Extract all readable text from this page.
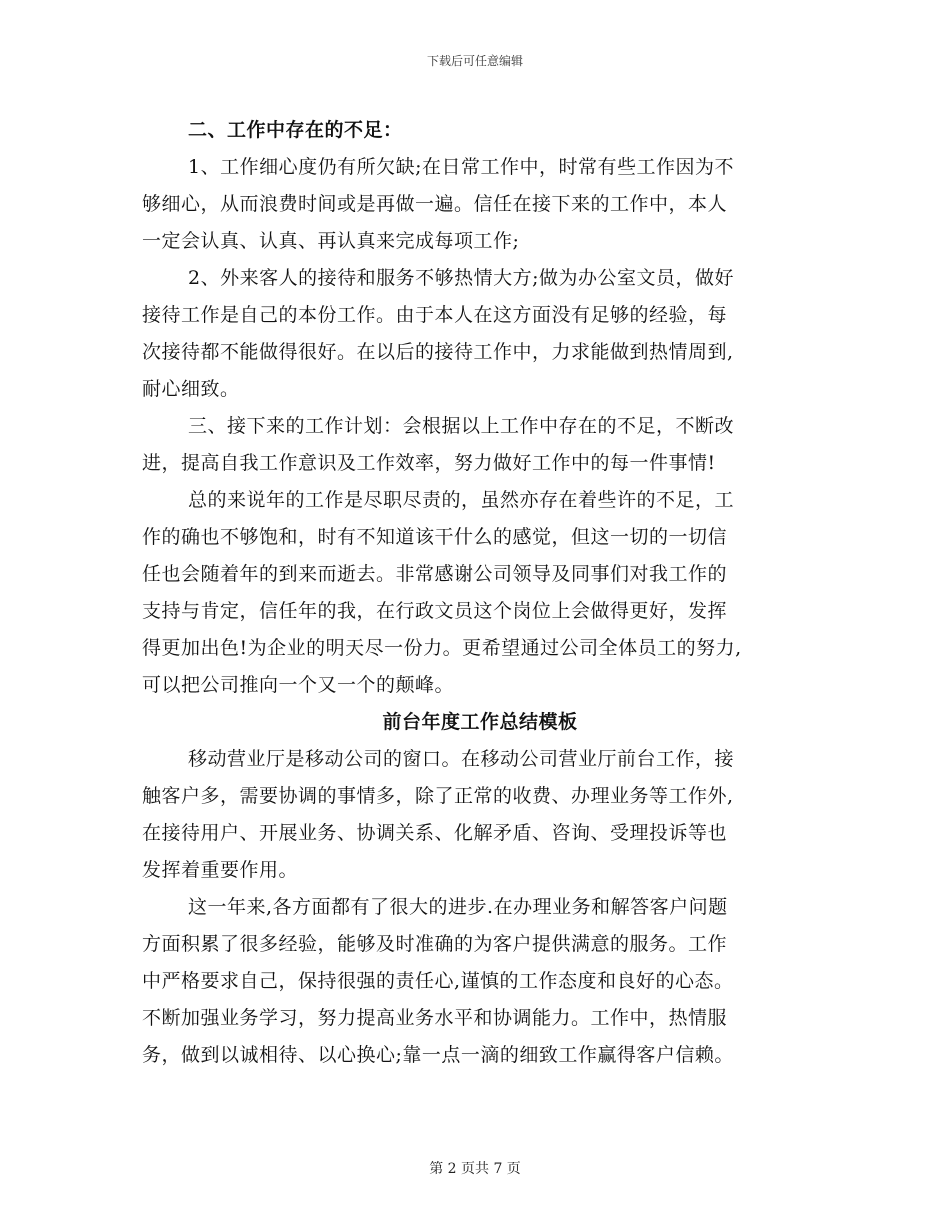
下载后可任意编辑
二、工作中存在的不足：
1、工作细心度仍有所欠缺;在日常工作中，时常有些工作因为不
够细心，从而浪费时间或是再做一遍。信任在接下来的工作中，本人
一定会认真、认真、再认真来完成每项工作;
2、外来客人的接待和服务不够热情大方;做为办公室文员，做好
接待工作是自己的本份工作。由于本人在这方面没有足够的经验，每
次接待都不能做得很好。在以后的接待工作中，力求能做到热情周到,
耐心细致。
三、接下来的工作计划：会根据以上工作中存在的不足，不断改
进，提高自我工作意识及工作效率，努力做好工作中的每一件事情!
总的来说年的工作是尽职尽责的，虽然亦存在着些许的不足，工
作的确也不够饱和，时有不知道该干什么的感觉，但这一切的一切信
任也会随着年的到来而逝去。非常感谢公司领导及同事们对我工作的
支持与肯定，信任年的我，在行政文员这个岗位上会做得更好，发挥
得更加出色!为企业的明天尽一份力。更希望通过公司全体员工的努力,
可以把公司推向一个又一个的颠峰。
前台年度工作总结模板
移动营业厅是移动公司的窗口。在移动公司营业厅前台工作，接
触客户多，需要协调的事情多，除了正常的收费、办理业务等工作外,
在接待用户、开展业务、协调关系、化解矛盾、咨询、受理投诉等也
发挥着重要作用。
这一年来,各方面都有了很大的进步.在办理业务和解答客户问题
方面积累了很多经验，能够及时准确的为客户提供满意的服务。工作
中严格要求自己，保持很强的责任心,谨慎的工作态度和良好的心态。
不断加强业务学习，努力提高业务水平和协调能力。工作中，热情服
务，做到以诚相待、以心换心;靠一点一滴的细致工作赢得客户信赖。
第 2 页共 7 页
